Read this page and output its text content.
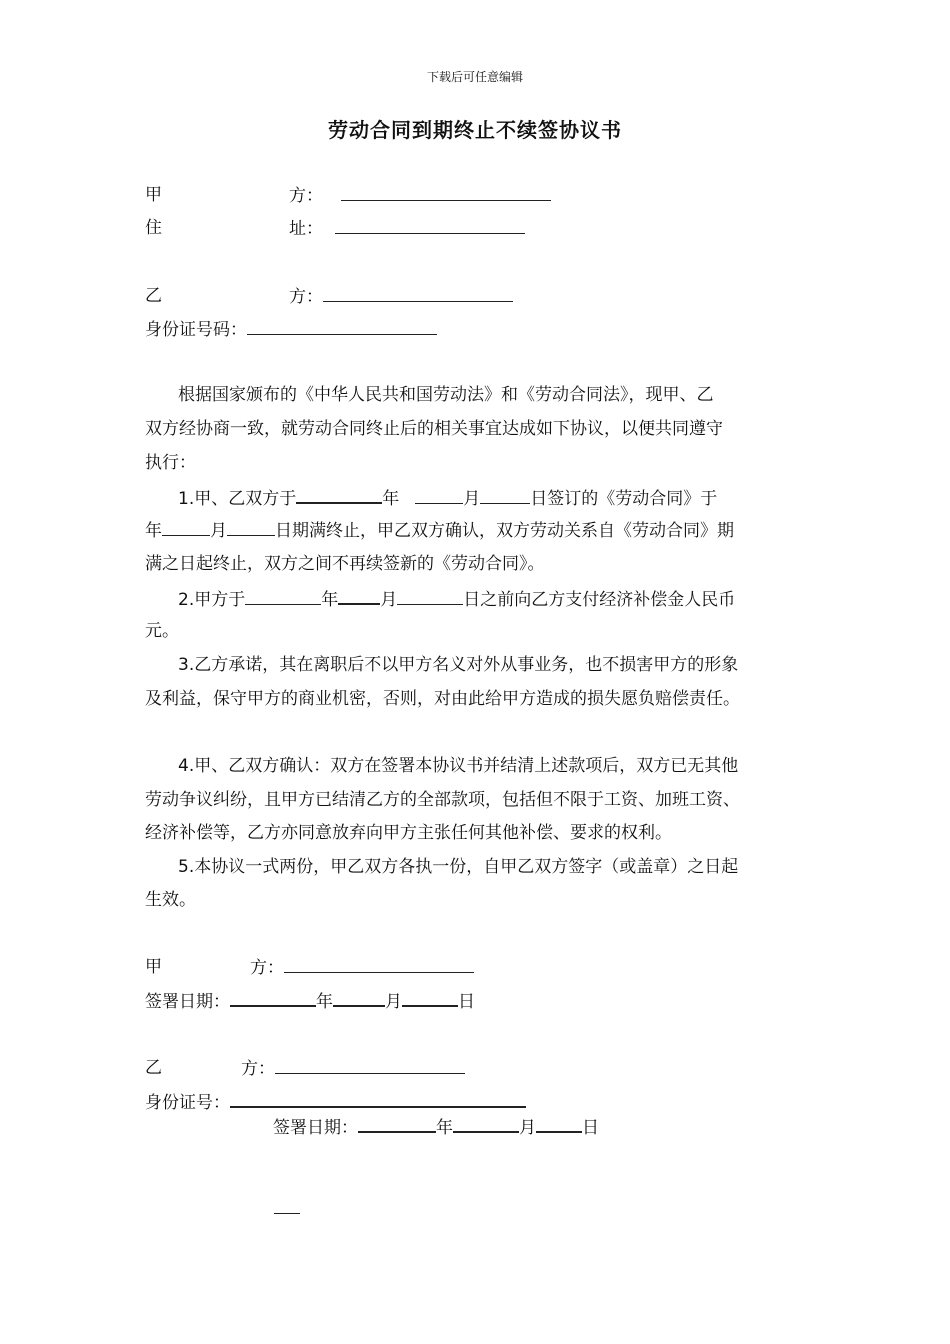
下载后可任意编辑
劳动合同到期终止不续签协议书
甲	方：
住	址：
乙	方：
身份证号码：
根据国家颁布的《中华人民共和国劳动法》和《劳动合同法》，现甲、乙
双方经协商一致，就劳动合同终止后的相关事宜达成如下协议，以便共同遵守
执行：
1.甲、乙双方于	年	月	日签订的《劳动合同》于
年	月	日期满终止，甲乙双方确认，双方劳动关系自《劳动合同》期
满之日起终止，双方之间不再续签新的《劳动合同》。
2.甲方于	年 月	日之前向乙方支付经济补偿金人民币
元。
3.乙方承诺，其在离职后不以甲方名义对外从事业务，也不损害甲方的形象
及利益，保守甲方的商业机密，否则，对由此给甲方造成的损失愿负赔偿责任。
4.甲、乙双方确认：双方在签署本协议书并结清上述款项后，双方已无其他
劳动争议纠纷，且甲方已结清乙方的全部款项，包括但不限于工资、加班工资、
经济补偿等，乙方亦同意放弃向甲方主张任何其他补偿、要求的权利。
5.本协议一式两份，甲乙双方各执一份，自甲乙双方签字（或盖章）之日起
生效。
甲	方：
签署日期：	年	月	日
乙	方：
身份证号：
签署日期：	年	月	日
